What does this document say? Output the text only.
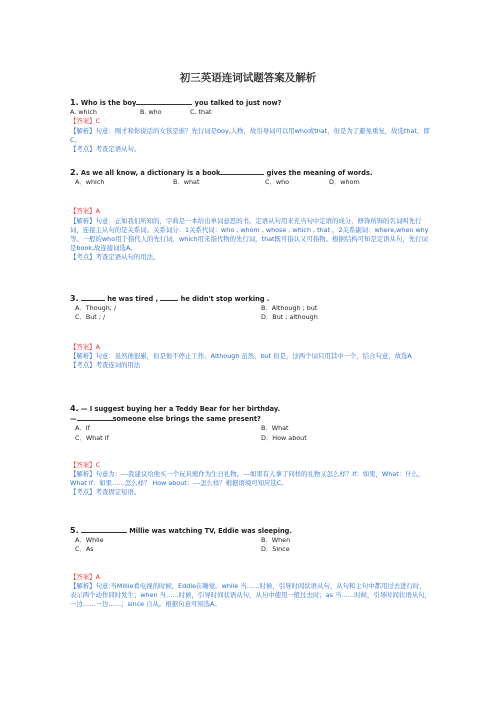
初三英语连词试题答案及解析
1. Who is the boy	you talked to just now?
A. which	B. who	C. that
【答案】C
【解析】句意：刚才和你说话的女孩是谁？先行词是boy,人物，故引导词可以用who或that，但是为了避免重复，故选that，即C。
【考点】考查定语从句。
2. As we all know, a dictionary is a book	gives the meaning of words.
A．which	B．what	C．who	D．whom
【答案】A
【解析】句意：正如我们所知的，字典是一本给出单词意思的书。定语从句用来充当句中定语的成分，修饰所饰的名词叫先行词，连接主从句的是关系词。关系词分：1关系代词：who , whom , whose , which , that 。2关系副词：where,when why 等。一般的who用于指代人的先行词，which用来指代物的先行词，that既可指认又可指物。根据结构可知是定语从句，先行词是book,故连接词选A。
【考点】考查定语从句的用法。
3.	he was tired ,	he didn't stop working .
A．Though; /	B．Although ; but
C．But ; /	D．But ; although
【答案】A
【解析】句意：虽然他很累，但是他不停止工作。Although 虽然，but 但是，这两个词只用其中一个，结合句意，故选A
【考点】考查连词的用法
4. — I suggest buying her a Teddy Bear for her birthday.
—	someone else brings the same present?
A．If	B．What
C．What if	D．How about
【答案】C
【解析】句意为：---我建议给他买一个玩具熊作为生日礼物。---如果有人拿了同样的礼物又怎么样？If：如果，What：什么，What if：如果……怎么样？ How about：---怎么样？根据语境可知应选C。
【考点】考查固定短语。
5.	Millie was watching TV, Eddie was sleeping.
A．While	B．When
C．As	D．Since
【答案】A
【解析】句意:当Millie看电视的时候，Eddie在睡觉。while 当……时候，引导时间状语从句，从句和主句中都用过去进行时，表示两个动作同时发生；when 当……时候，引导时间状语从句，从句中使用一般过去时；as 当……时候，引导时间状语从句，一边……一边……；since 自从。根据句意可知选A。
